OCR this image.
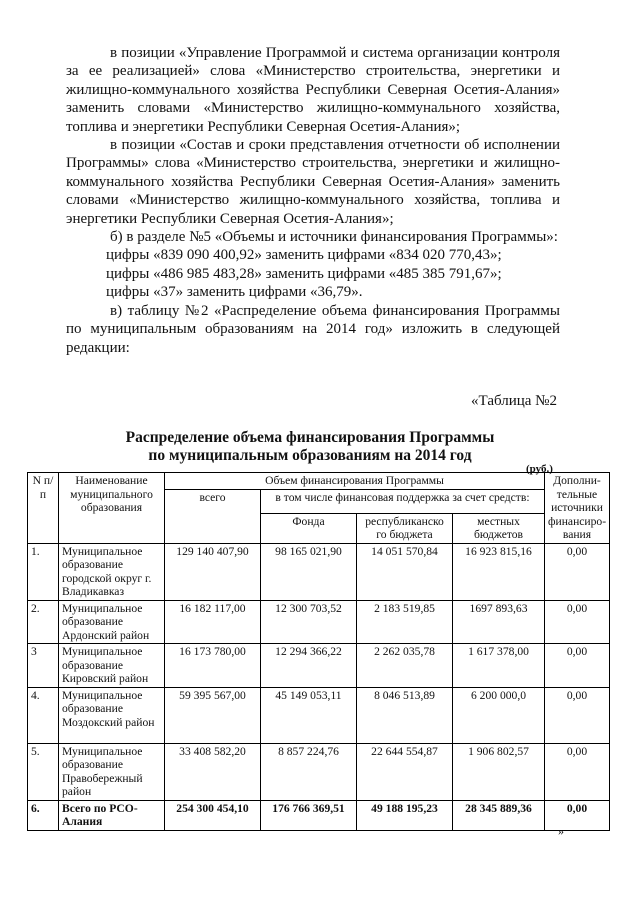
в позиции «Управление Программой и система организации контроля за ее реализацией» слова «Министерство строительства, энергетики и жилищно-коммунального хозяйства Республики Северная Осетия-Алания» заменить словами «Министерство жилищно-коммунального хозяйства, топлива и энергетики Республики Северная Осетия-Алания»;

в позиции «Состав и сроки представления отчетности об исполнении Программы» слова «Министерство строительства, энергетики и жилищно-коммунального хозяйства Республики Северная Осетия-Алания» заменить словами «Министерство жилищно-коммунального хозяйства, топлива и энергетики Республики Северная Осетия-Алания»;

б) в разделе №5 «Объемы и источники финансирования Программы»:

цифры «839 090 400,92» заменить цифрами «834 020 770,43»;

цифры «486 985 483,28» заменить цифрами «485 385 791,67»;

цифры «37» заменить цифрами «36,79».

в) таблицу №2 «Распределение объема финансирования Программы по муниципальным образованиям на 2014 год» изложить в следующей редакции:

«Таблица №2
Распределение объема финансирования Программы
по муниципальным образованиям на 2014 год
(руб.)
N п/п	Наименование муниципального образования	Объем финансирования Программы				Дополни- тельные источники финансиро- вания
		всего	в том числе финансовая поддержка за счет средств:			
			Фонда	республиканско го бюджета	местных бюджетов	
1.	Муниципальное образование городской округ г. Владикавказ	129 140 407,90	98 165 021,90	14 051 570,84	16 923 815,16	0,00
2.	Муниципальное образование Ардонский район	16 182 117,00	12 300 703,52	2 183 519,85	1697 893,63	0,00
3	Муниципальное образование Кировский район	16 173 780,00	12 294 366,22	2 262 035,78	1 617 378,00	0,00
4.	Муниципальное образование Моздокский район	59 395 567,00	45 149 053,11	8 046 513,89	6 200 000,0	0,00
5.	Муниципальное образование Правобережный район	33 408 582,20	8 857 224,76	22 644 554,87	1 906 802,57	0,00
6.	Всего по РСО-Алания	254 300 454,10	176 766 369,51	49 188 195,23	28 345 889,36	0,00
»
